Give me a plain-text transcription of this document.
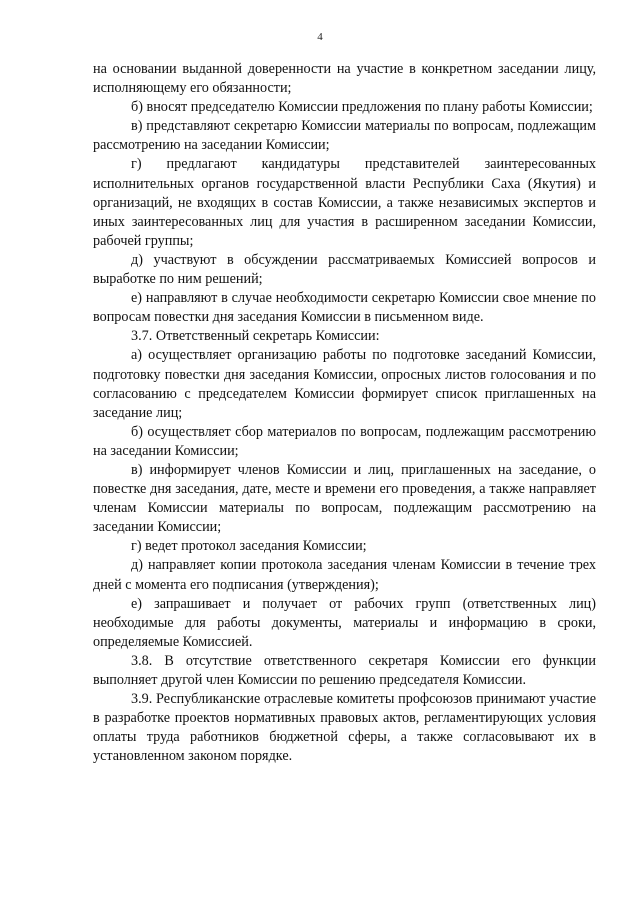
4

на основании выданной доверенности на участие в конкретном заседании лицу, исполняющему его обязанности;

б) вносят председателю Комиссии предложения по плану работы Комиссии;

в) представляют секретарю Комиссии материалы по вопросам, подлежащим рассмотрению на заседании Комиссии;

г) предлагают кандидатуры представителей заинтересованных исполнительных органов государственной власти Республики Саха (Якутия) и организаций, не входящих в состав Комиссии, а также независимых экспертов и иных заинтересованных лиц для участия в расширенном заседании Комиссии, рабочей группы;

д) участвуют в обсуждении рассматриваемых Комиссией вопросов и выработке по ним решений;

е) направляют в случае необходимости секретарю Комиссии свое мнение по вопросам повестки дня заседания Комиссии в письменном виде.

3.7. Ответственный секретарь Комиссии:

а) осуществляет организацию работы по подготовке заседаний Комиссии, подготовку повестки дня заседания Комиссии, опросных листов голосования и по согласованию с председателем Комиссии формирует список приглашенных на заседание лиц;

б) осуществляет сбор материалов по вопросам, подлежащим рассмотрению на заседании Комиссии;

в) информирует членов Комиссии и лиц, приглашенных на заседание, о повестке дня заседания, дате, месте и времени его проведения, а также направляет членам Комиссии материалы по вопросам, подлежащим рассмотрению на заседании Комиссии;

г) ведет протокол заседания Комиссии;

д) направляет копии протокола заседания членам Комиссии в течение трех дней с момента его подписания (утверждения);

е) запрашивает и получает от рабочих групп (ответственных лиц) необходимые для работы документы, материалы и информацию в сроки, определяемые Комиссией.

3.8. В отсутствие ответственного секретаря Комиссии его функции выполняет другой член Комиссии по решению председателя Комиссии.

3.9. Республиканские отраслевые комитеты профсоюзов принимают участие в разработке проектов нормативных правовых актов, регламентирующих условия оплаты труда работников бюджетной сферы, а также согласовывают их в установленном законом порядке.
